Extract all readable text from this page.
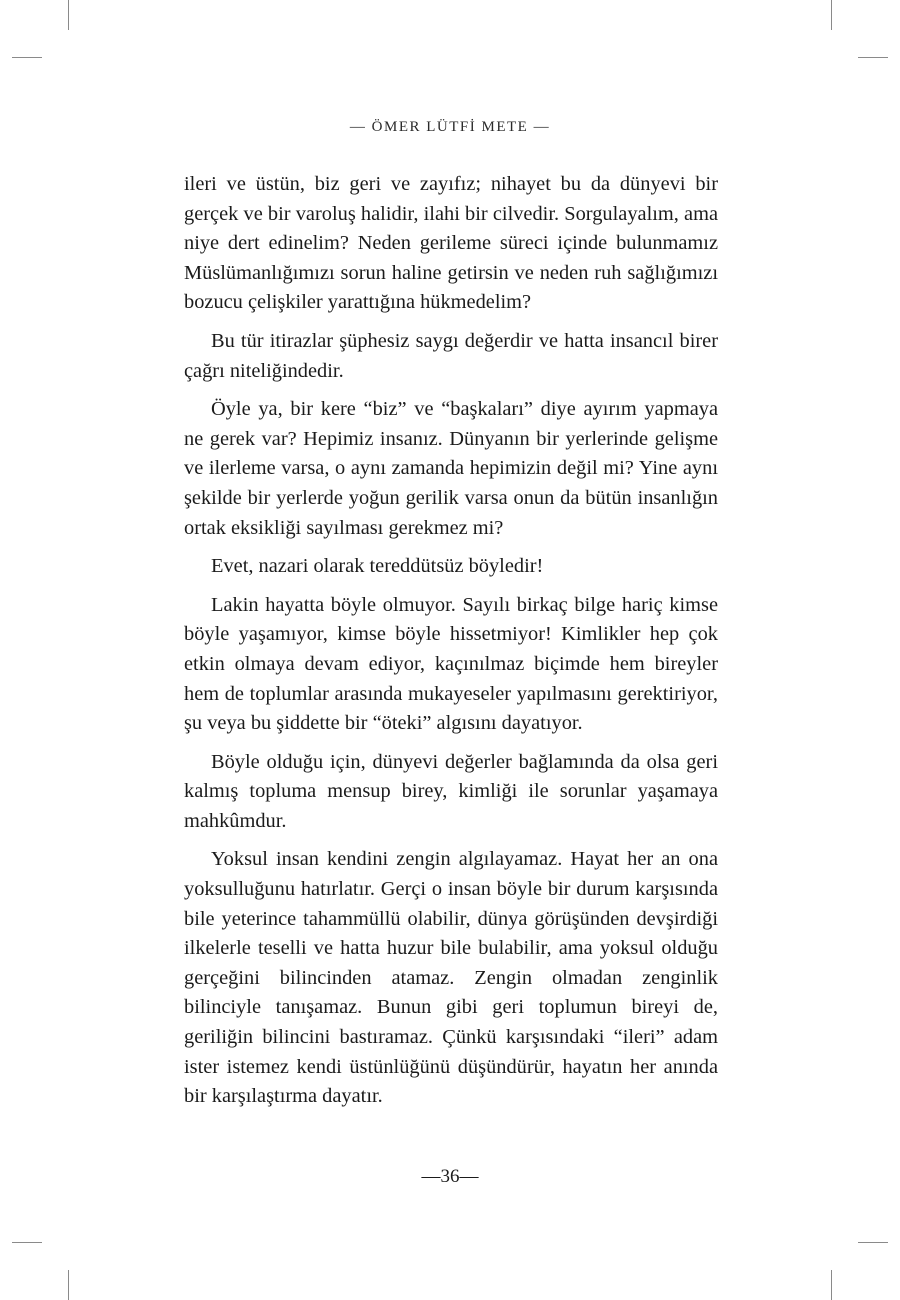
— ÖMER LÜTFİ METE —

ileri ve üstün, biz geri ve zayıfız; nihayet bu da dünyevi bir gerçek ve bir varoluş halidir, ilahi bir cilvedir. Sorgulayalım, ama niye dert edinelim? Neden gerileme süreci içinde bulunmamız Müslümanlığımızı sorun haline getirsin ve neden ruh sağlığımızı bozucu çelişkiler yarattığına hükmedelim?

Bu tür itirazlar şüphesiz saygı değerdir ve hatta insancıl birer çağrı niteliğindedir.

Öyle ya, bir kere “biz” ve “başkaları” diye ayırım yapmaya ne gerek var? Hepimiz insanız. Dünyanın bir yerlerinde gelişme ve ilerleme varsa, o aynı zamanda hepimizin değil mi? Yine aynı şekilde bir yerlerde yoğun gerilik varsa onun da bütün insanlığın ortak eksikliği sayılması gerekmez mi?

Evet, nazari olarak tereddütsüz böyledir!

Lakin hayatta böyle olmuyor. Sayılı birkaç bilge hariç kimse böyle yaşamıyor, kimse böyle hissetmiyor! Kimlikler hep çok etkin olmaya devam ediyor, kaçınılmaz biçimde hem bireyler hem de toplumlar arasında mukayeseler yapılmasını gerektiriyor, şu veya bu şiddette bir “öteki” algısını dayatıyor.

Böyle olduğu için, dünyevi değerler bağlamında da olsa geri kalmış topluma mensup birey, kimliği ile sorunlar yaşamaya mahkûmdur.

Yoksul insan kendini zengin algılayamaz. Hayat her an ona yoksulluğunu hatırlatır. Gerçi o insan böyle bir durum karşısında bile yeterince tahammüllü olabilir, dünya görüşünden devşirdiği ilkelerle teselli ve hatta huzur bile bulabilir, ama yoksul olduğu gerçeğini bilincinden atamaz. Zengin olmadan zenginlik bilinciyle tanışamaz. Bunun gibi geri toplumun bireyi de, geriliğin bilincini bastıramaz. Çünkü karşısındaki “ileri” adam ister istemez kendi üstünlüğünü düşündürür, hayatın her anında bir karşılaştırma dayatır.

—36—
